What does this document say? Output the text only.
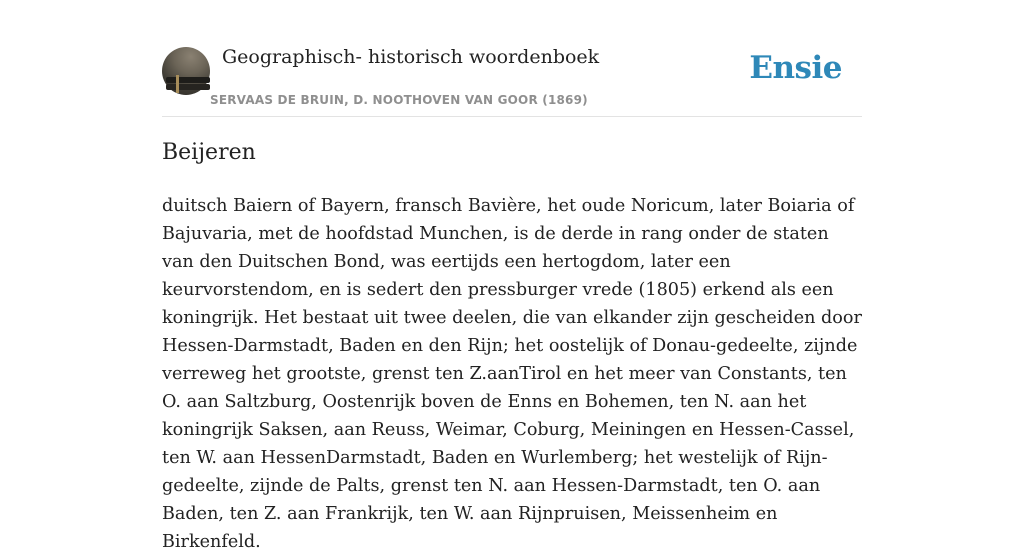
Geographisch- historisch woordenboek
SERVAAS DE BRUIN, D. NOOTHOVEN VAN GOOR (1869)
Ensie
Beijeren

duitsch Baiern of Bayern, fransch Bavière, het oude Noricum, later Boiaria of Bajuvaria, met de hoofdstad Munchen, is de derde in rang onder de staten van den Duitschen Bond, was eertijds een hertogdom, later een keurvorstendom, en is sedert den pressburger vrede (1805) erkend als een koningrijk. Het bestaat uit twee deelen, die van elkander zijn gescheiden door Hessen-Darmstadt, Baden en den Rijn; het oostelijk of Donau-gedeelte, zijnde verreweg het grootste, grenst ten Z.aanTirol en het meer van Constants, ten O. aan Saltzburg, Oostenrijk boven de Enns en Bohemen, ten N. aan het koningrijk Saksen, aan Reuss, Weimar, Coburg, Meiningen en Hessen-Cassel, ten W. aan HessenDarmstadt, Baden en Wurlemberg; het westelijk of Rijn-gedeelte, zijnde de Palts, grenst ten N. aan Hessen-Darmstadt, ten O. aan Baden, ten Z. aan Frankrijk, ten W. aan Rijnpruisen, Meissenheim en Birkenfeld.
